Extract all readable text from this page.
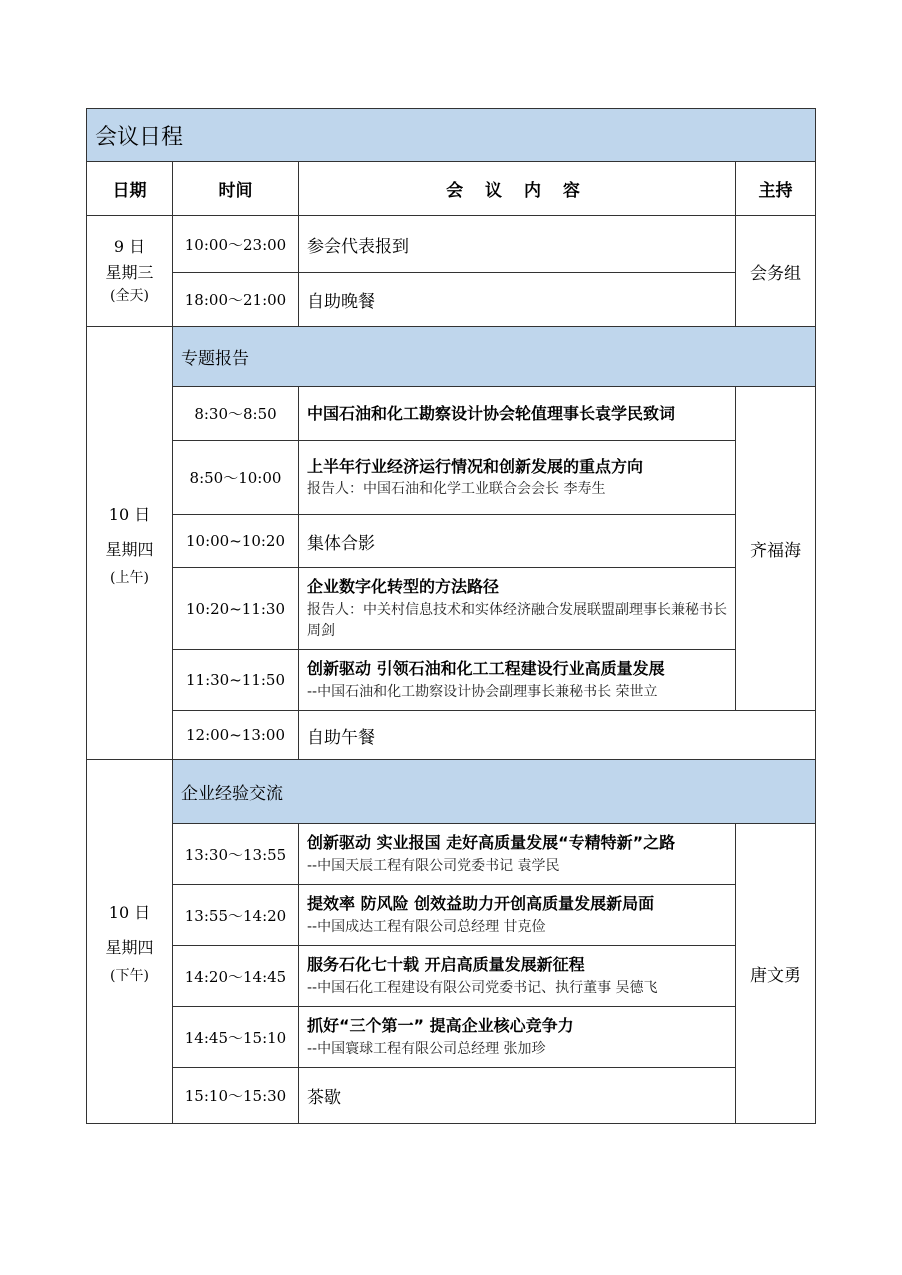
会议日程			
日期	时间	会 议 内 容	主持

9 日
星期三
(全天)	10:00～23:00	参会代表报到	会务组
	18:00～21:00	自助晚餐	

10 日
星期四
(上午)	专题报告		
	8:30～8:50	中国石油和化工勘察设计协会轮值理事长袁学民致词	齐福海
	8:50～10:00	上半年行业经济运行情况和创新发展的重点方向
报告人：中国石油和化学工业联合会会长 李寿生	

	10:00~10:20	集体合影	
	10:20~11:30	企业数字化转型的方法路径
报告人：中关村信息技术和实体经济融合发展联盟副理事长兼秘书长 周剑	

	11:30~11:50	创新驱动 引领石油和化工工程建设行业高质量发展
--中国石油和化工勘察设计协会副理事长兼秘书长 荣世立	

	12:00~13:00	自助午餐	

10 日
星期四
(下午)	企业经验交流		
	13:30～13:55	创新驱动 实业报国 走好高质量发展“专精特新”之路
--中国天辰工程有限公司党委书记 袁学民	唐文勇
	13:55～14:20	提效率 防风险 创效益助力开创高质量发展新局面
--中国成达工程有限公司总经理 甘克俭	

	14:20～14:45	服务石化七十载 开启高质量发展新征程
--中国石化工程建设有限公司党委书记、执行董事 吴德飞	

	14:45～15:10	抓好“三个第一” 提高企业核心竞争力
--中国寰球工程有限公司总经理 张加珍	

	15:10～15:30	茶歇	
